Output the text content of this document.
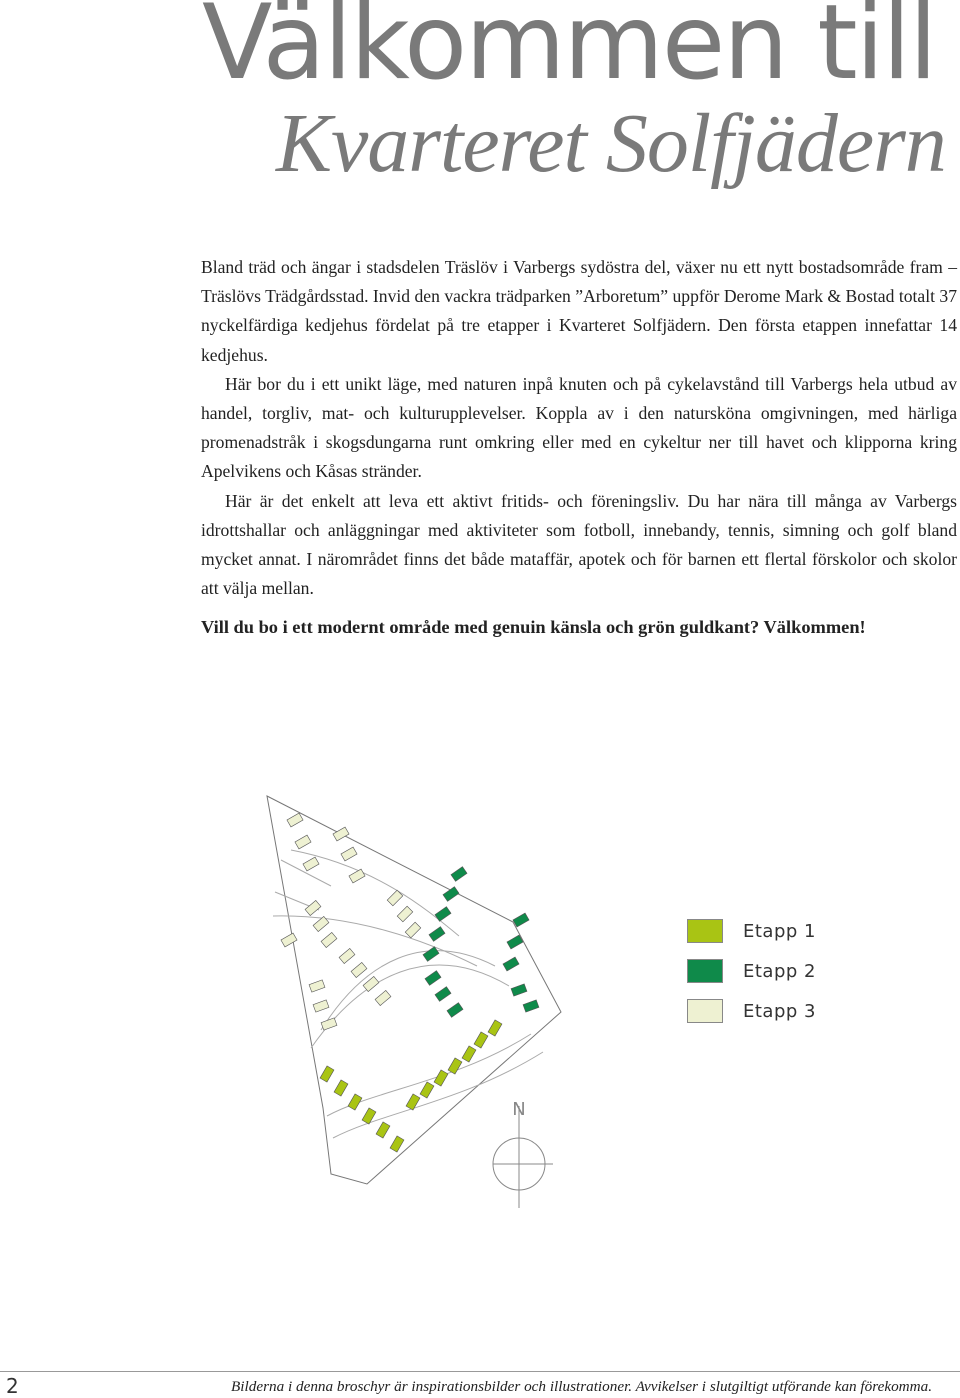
Välkommen till
Kvarteret Solfjädern

Bland träd och ängar i stadsdelen Träslöv i Varbergs sydöstra del, växer nu ett nytt bostadsområde fram – Träslövs Trädgårdsstad. Invid den vackra trädparken ”Arboretum” uppför Derome Mark & Bostad totalt 37 nyckelfärdiga kedjehus fördelat på tre etapper i Kvarteret Solfjädern. Den första etappen innefattar 14 kedjehus.

Här bor du i ett unikt läge, med naturen inpå knuten och på cykelavstånd till Varbergs hela utbud av handel, torgliv, mat- och kulturupplevelser. Koppla av i den natursköna omgivningen, med härliga promenadstråk i skogsdungarna runt omkring eller med en cykeltur ner till havet och klipporna kring Apelvikens och Kåsas stränder.

Här är det enkelt att leva ett aktivt fritids- och föreningsliv. Du har nära till många av Varbergs idrottshallar och anläggningar med aktiviteter som fotboll, innebandy, tennis, simning och golf bland mycket annat. I närområdet finns det både mataffär, apotek och för barnen ett flertal förskolor och skolor att välja mellan.

Vill du bo i ett modernt område med genuin känsla och grön guldkant? Välkommen!

N
Etapp 1
Etapp 2
Etapp 3
2	Bilderna i denna broschyr är inspirationsbilder och illustrationer. Avvikelser i slutgiltigt utförande kan förekomma.
